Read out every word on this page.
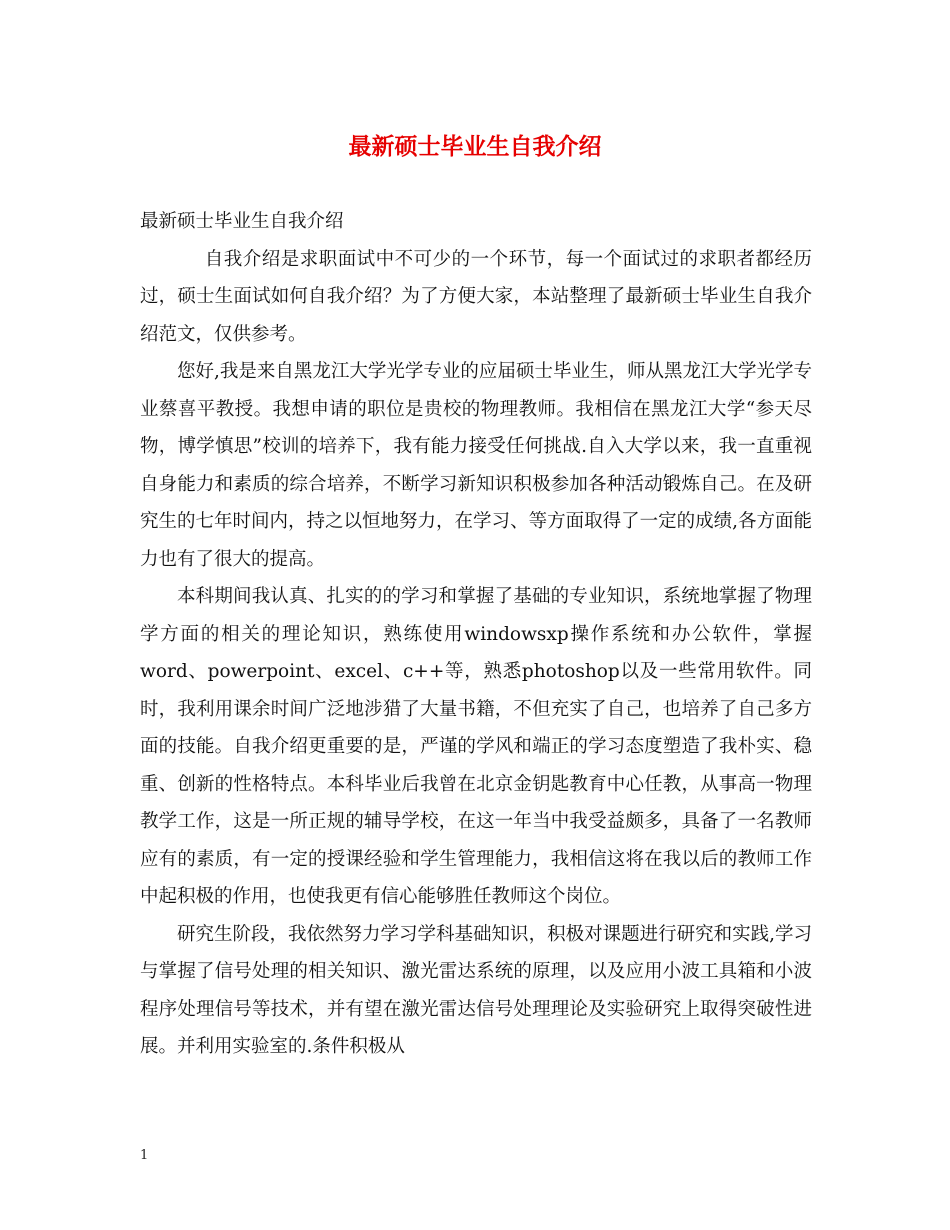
最新硕士毕业生自我介绍

最新硕士毕业生自我介绍

自我介绍是求职面试中不可少的一个环节，每一个面试过的求职者都经历过，硕士生面试如何自我介绍？为了方便大家，本站整理了最新硕士毕业生自我介绍范文，仅供参考。

您好,我是来自黑龙江大学光学专业的应届硕士毕业生，师从黑龙江大学光学专业蔡喜平教授。我想申请的职位是贵校的物理教师。我相信在黑龙江大学“参天尽物，博学慎思”校训的培养下，我有能力接受任何挑战.自入大学以来，我一直重视自身能力和素质的综合培养，不断学习新知识积极参加各种活动锻炼自己。在及研究生的七年时间内，持之以恒地努力，在学习、等方面取得了一定的成绩,各方面能力也有了很大的提高。

本科期间我认真、扎实的的学习和掌握了基础的专业知识，系统地掌握了物理学方面的相关的理论知识，熟练使用windowsxp操作系统和办公软件，掌握word、powerpoint、excel、c++等，熟悉photoshop以及一些常用软件。同时，我利用课余时间广泛地涉猎了大量书籍，不但充实了自己，也培养了自己多方面的技能。自我介绍更重要的是，严谨的学风和端正的学习态度塑造了我朴实、稳重、创新的性格特点。本科毕业后我曾在北京金钥匙教育中心任教，从事高一物理教学工作，这是一所正规的辅导学校，在这一年当中我受益颇多，具备了一名教师应有的素质，有一定的授课经验和学生管理能力，我相信这将在我以后的教师工作中起积极的作用，也使我更有信心能够胜任教师这个岗位。

研究生阶段，我依然努力学习学科基础知识，积极对课题进行研究和实践,学习与掌握了信号处理的相关知识、激光雷达系统的原理，以及应用小波工具箱和小波程序处理信号等技术，并有望在激光雷达信号处理理论及实验研究上取得突破性进展。并利用实验室的.条件积极从

1
